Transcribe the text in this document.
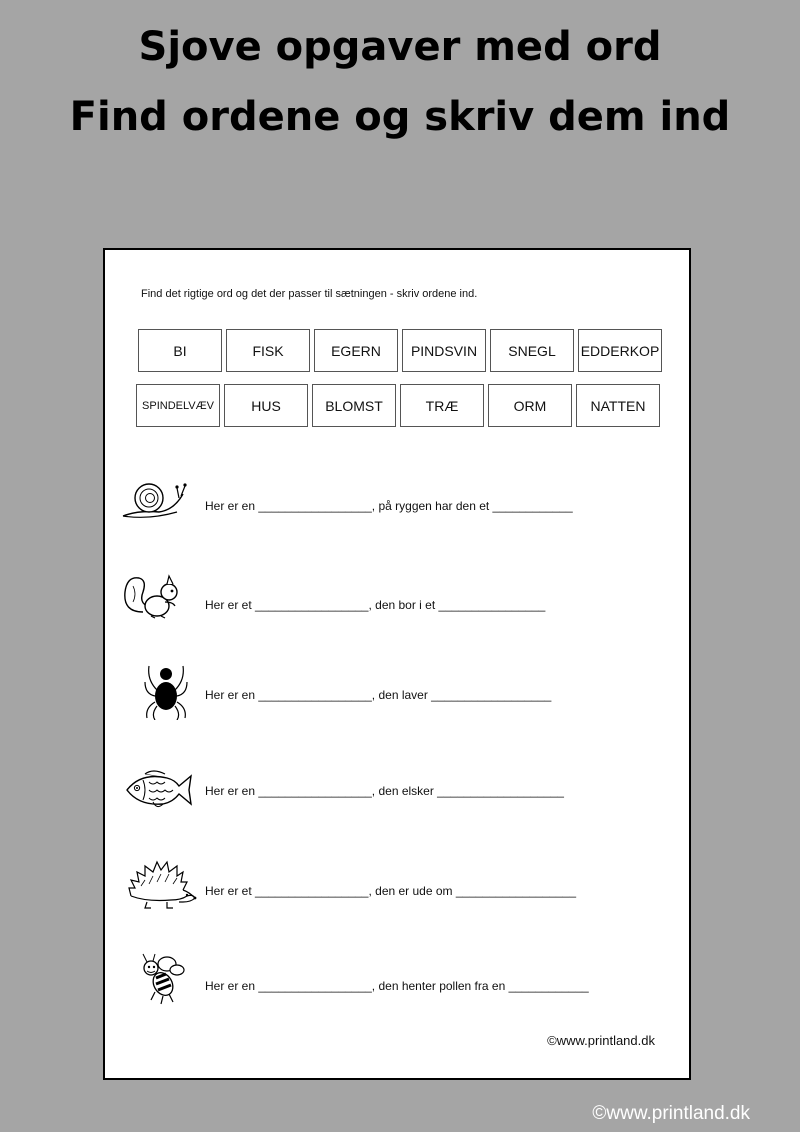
Sjove opgaver med ord
Find ordene og skriv dem ind
Find det rigtige ord og det der passer til sætningen - skriv ordene ind.
BI	FISK	EGERN	PINDSVIN	SNEGL	EDDERKOP
SPINDELVÆV	HUS	BLOMST	TRÆ	ORM	NATTEN
Her er en _________________, på ryggen har den et ____________
Her er et _________________, den bor i et ________________
Her er en _________________, den laver __________________
Her er en _________________, den elsker ___________________
Her er et _________________, den er ude om __________________
Her er en _________________, den henter pollen fra en ____________
©www.printland.dk
©www.printland.dk
